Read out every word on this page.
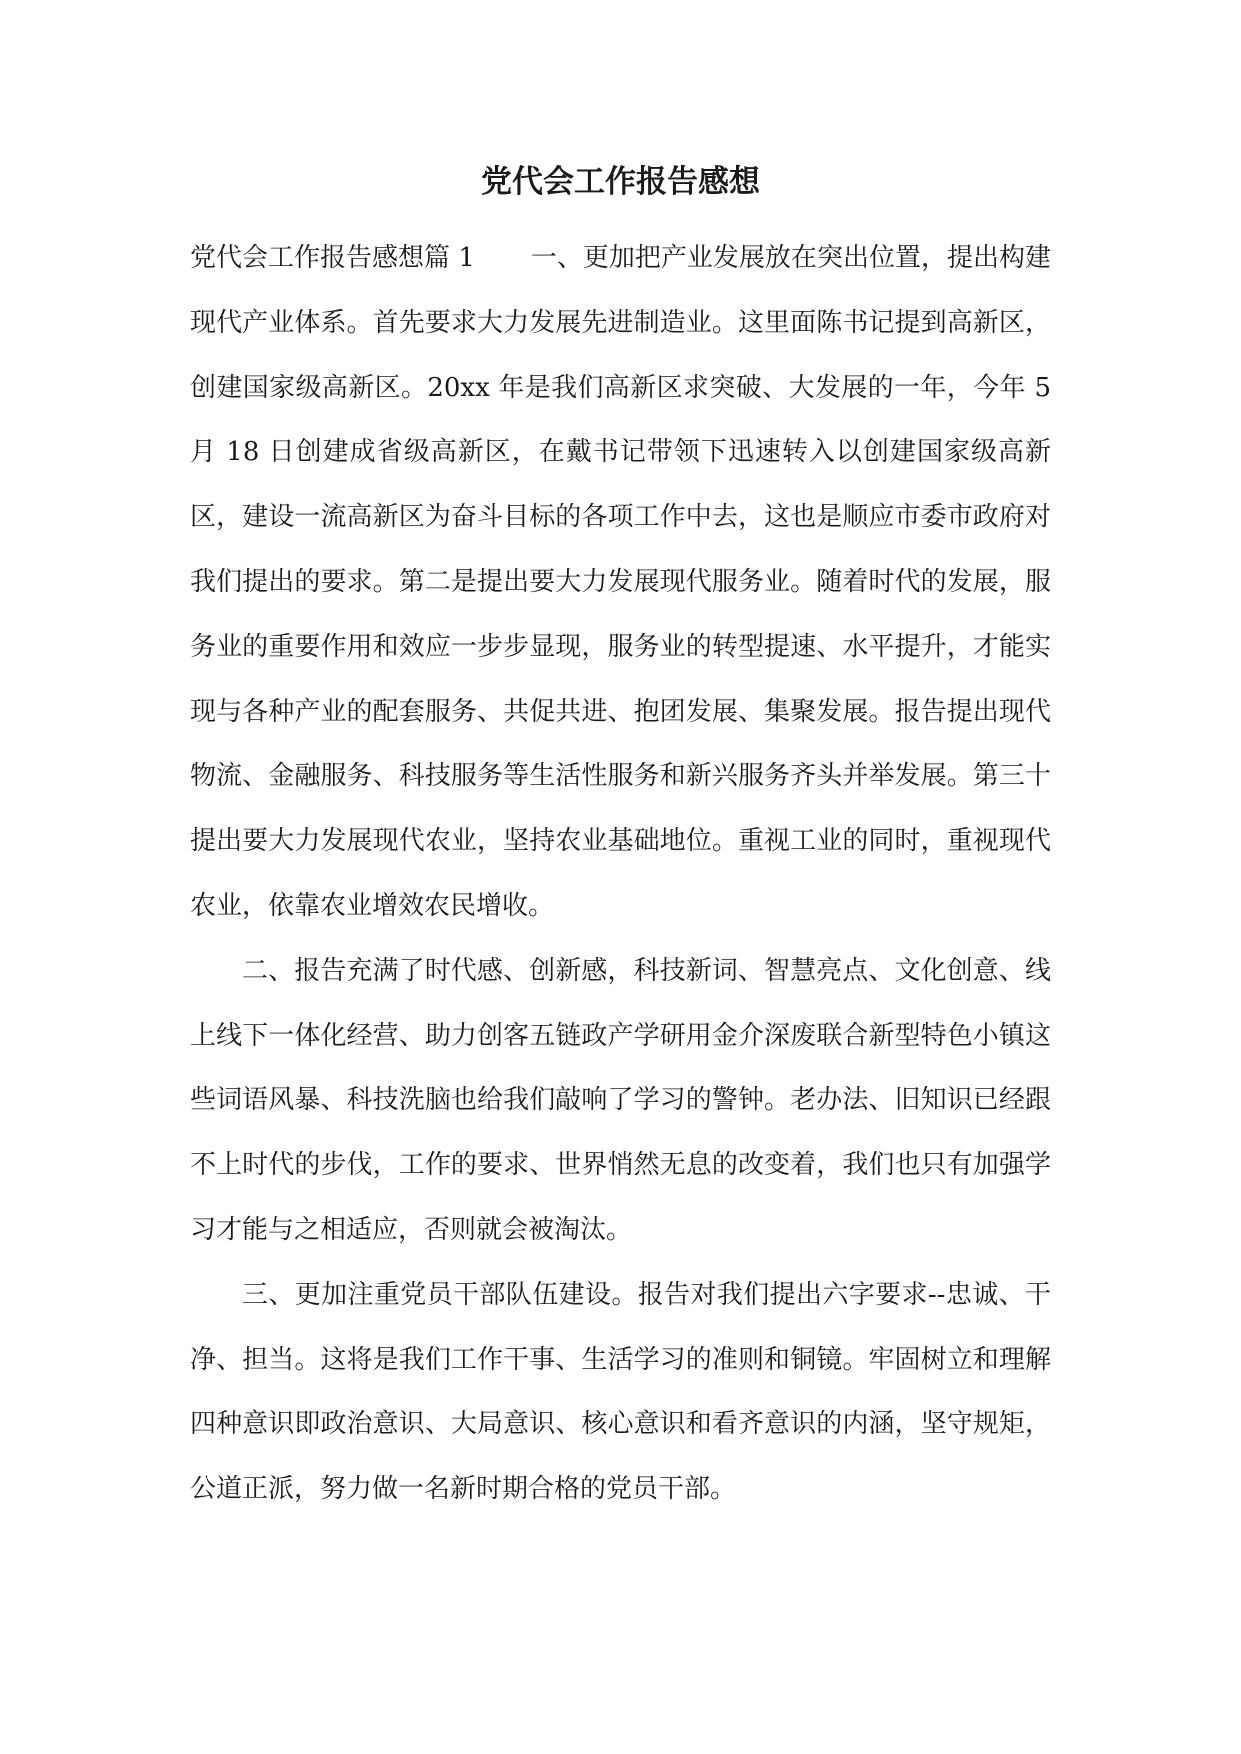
党代会工作报告感想

党代会工作报告感想篇 1 一、更加把产业发展放在突出位置，提出构建现代产业体系。首先要求大力发展先进制造业。这里面陈书记提到高新区，创建国家级高新区。20xx 年是我们高新区求突破、大发展的一年，今年 5 月 18 日创建成省级高新区，在戴书记带领下迅速转入以创建国家级高新区，建设一流高新区为奋斗目标的各项工作中去，这也是顺应市委市政府对我们提出的要求。第二是提出要大力发展现代服务业。随着时代的发展，服务业的重要作用和效应一步步显现，服务业的转型提速、水平提升，才能实现与各种产业的配套服务、共促共进、抱团发展、集聚发展。报告提出现代物流、金融服务、科技服务等生活性服务和新兴服务齐头并举发展。第三十提出要大力发展现代农业，坚持农业基础地位。重视工业的同时，重视现代农业，依靠农业增效农民增收。

二、报告充满了时代感、创新感，科技新词、智慧亮点、文化创意、线上线下一体化经营、助力创客五链政产学研用金介深废联合新型特色小镇这些词语风暴、科技洗脑也给我们敲响了学习的警钟。老办法、旧知识已经跟不上时代的步伐，工作的要求、世界悄然无息的改变着，我们也只有加强学习才能与之相适应，否则就会被淘汰。

三、更加注重党员干部队伍建设。报告对我们提出六字要求--忠诚、干净、担当。这将是我们工作干事、生活学习的准则和铜镜。牢固树立和理解四种意识即政治意识、大局意识、核心意识和看齐意识的内涵，坚守规矩，公道正派，努力做一名新时期合格的党员干部。
